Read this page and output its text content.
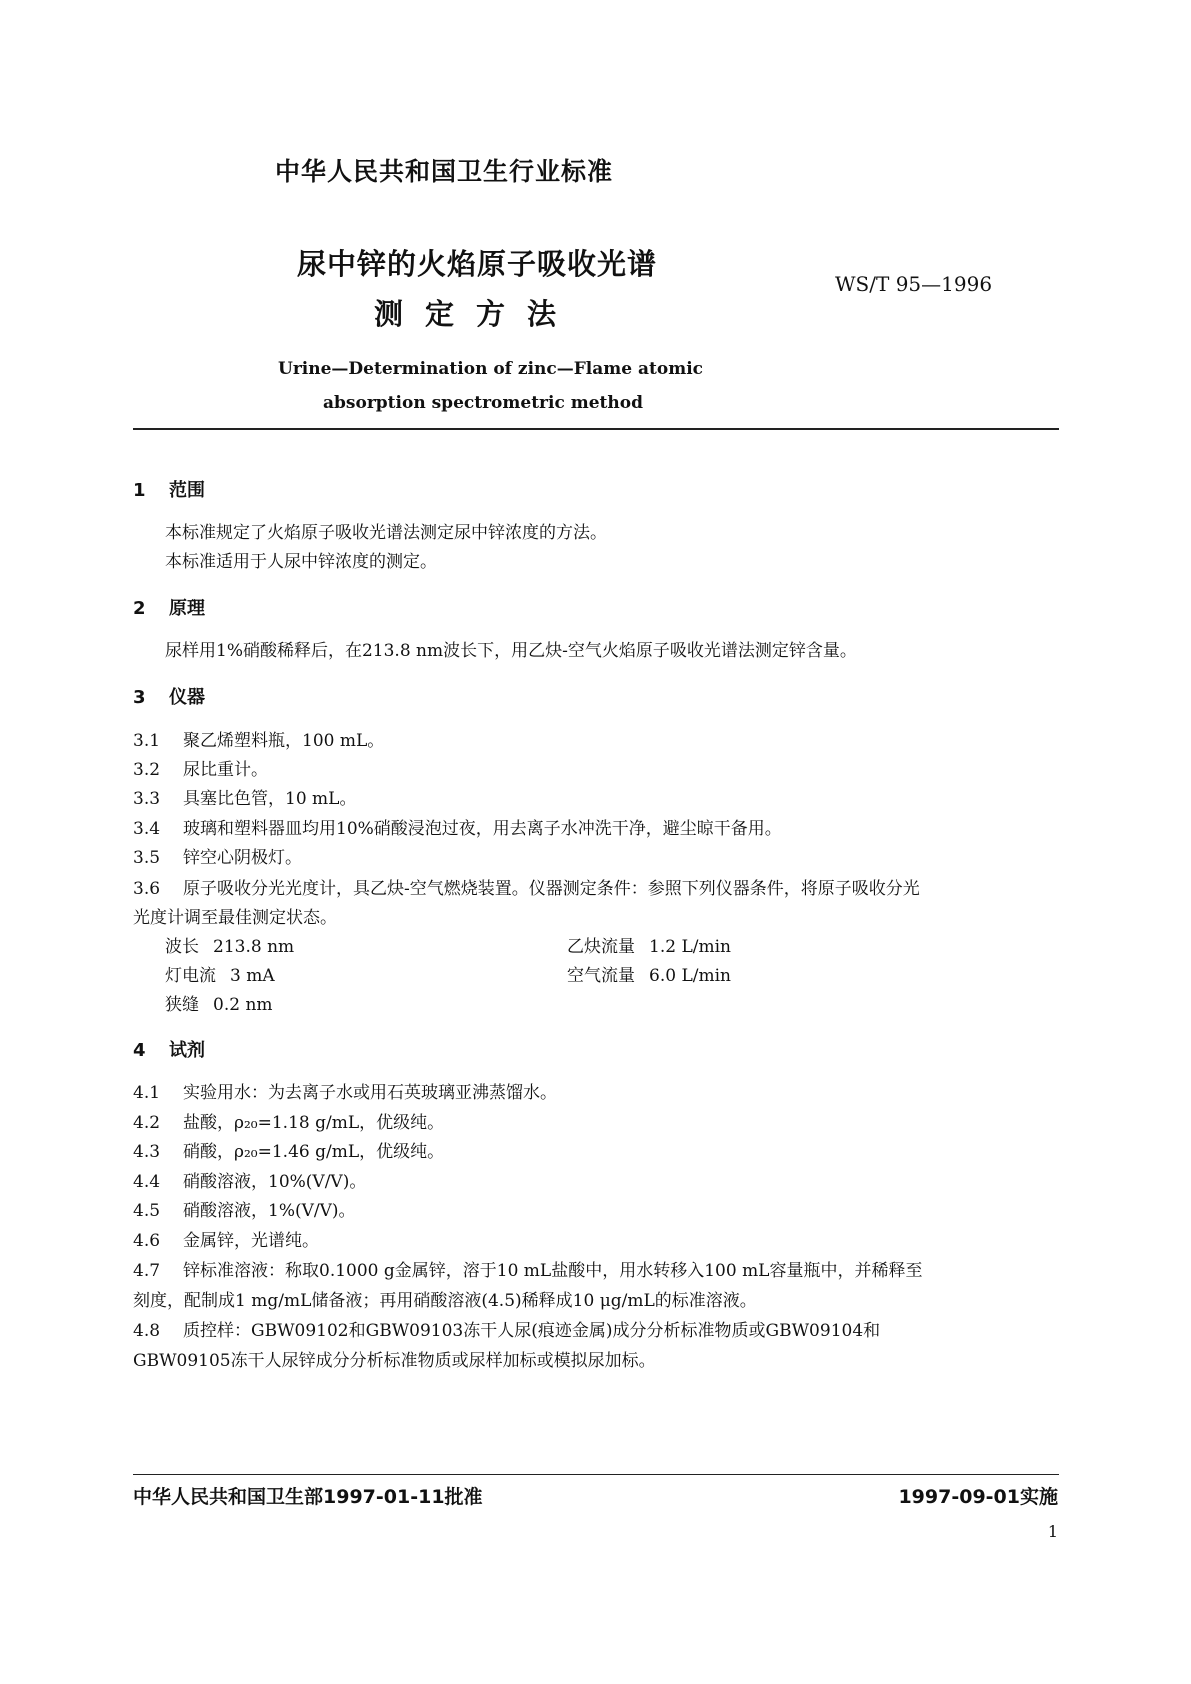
中华人民共和国卫生行业标准
尿中锌的火焰原子吸收光谱
测定方法
WS/T 95—1996
Urine—Determination of zinc—Flame atomic
absorption spectrometric method
1 范围
本标准规定了火焰原子吸收光谱法测定尿中锌浓度的方法。
本标准适用于人尿中锌浓度的测定。
2 原理
尿样用1%硝酸稀释后，在213.8 nm波长下，用乙炔-空气火焰原子吸收光谱法测定锌含量。
3 仪器
3.1 聚乙烯塑料瓶，100 mL。
3.2 尿比重计。
3.3 具塞比色管，10 mL。
3.4 玻璃和塑料器皿均用10%硝酸浸泡过夜，用去离子水冲洗干净，避尘晾干备用。
3.5 锌空心阴极灯。
3.6 原子吸收分光光度计，具乙炔-空气燃烧装置。仪器测定条件：参照下列仪器条件，将原子吸收分光
光度计调至最佳测定状态。
波长 213.8 nm	乙炔流量 1.2 L/min
灯电流 3 mA	空气流量 6.0 L/min
狭缝 0.2 nm
4 试剂
4.1 实验用水：为去离子水或用石英玻璃亚沸蒸馏水。
4.2 盐酸，ρ₂₀=1.18 g/mL，优级纯。
4.3 硝酸，ρ₂₀=1.46 g/mL，优级纯。
4.4 硝酸溶液，10%(V/V)。
4.5 硝酸溶液，1%(V/V)。
4.6 金属锌，光谱纯。
4.7 锌标准溶液：称取0.1000 g金属锌，溶于10 mL盐酸中，用水转移入100 mL容量瓶中，并稀释至
刻度，配制成1 mg/mL储备液；再用硝酸溶液(4.5)稀释成10 μg/mL的标准溶液。
4.8 质控样：GBW09102和GBW09103冻干人尿(痕迹金属)成分分析标准物质或GBW09104和
GBW09105冻干人尿锌成分分析标准物质或尿样加标或模拟尿加标。
中华人民共和国卫生部1997-01-11批准	1997-09-01实施
1
